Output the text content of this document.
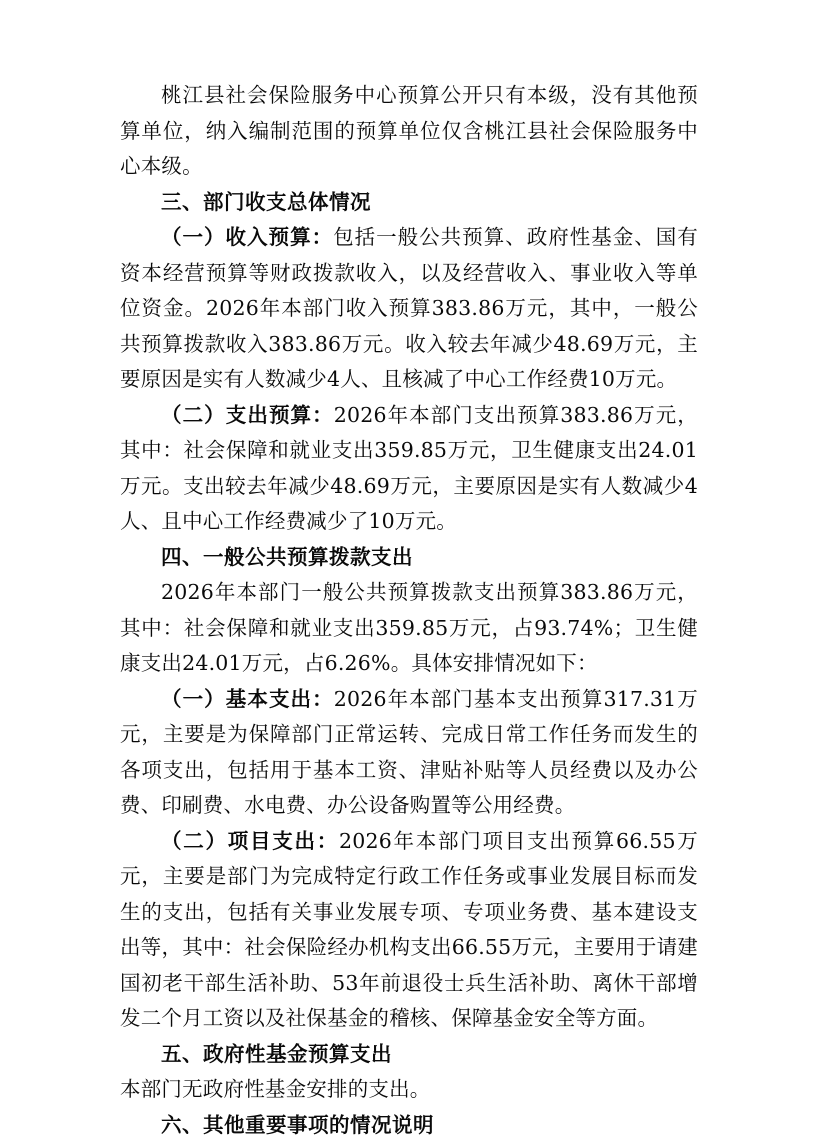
桃江县社会保险服务中心预算公开只有本级，没有其他预算单位，纳入编制范围的预算单位仅含桃江县社会保险服务中心本级。

三、部门收支总体情况

（一）收入预算：包括一般公共预算、政府性基金、国有资本经营预算等财政拨款收入，以及经营收入、事业收入等单位资金。2026年本部门收入预算383.86万元，其中，一般公共预算拨款收入383.86万元。收入较去年减少48.69万元，主要原因是实有人数减少4人、且核减了中心工作经费10万元。

（二）支出预算：2026年本部门支出预算383.86万元，其中：社会保障和就业支出359.85万元，卫生健康支出24.01万元。支出较去年减少48.69万元，主要原因是实有人数减少4人、且中心工作经费减少了10万元。

四、一般公共预算拨款支出

2026年本部门一般公共预算拨款支出预算383.86万元，其中：社会保障和就业支出359.85万元，占93.74%；卫生健康支出24.01万元，占6.26%。具体安排情况如下：

（一）基本支出：2026年本部门基本支出预算317.31万元，主要是为保障部门正常运转、完成日常工作任务而发生的各项支出，包括用于基本工资、津贴补贴等人员经费以及办公费、印刷费、水电费、办公设备购置等公用经费。

（二）项目支出：2026年本部门项目支出预算66.55万元，主要是部门为完成特定行政工作任务或事业发展目标而发生的支出，包括有关事业发展专项、专项业务费、基本建设支出等，其中：社会保险经办机构支出66.55万元，主要用于请建国初老干部生活补助、53年前退役士兵生活补助、离休干部增发二个月工资以及社保基金的稽核、保障基金安全等方面。

五、政府性基金预算支出

本部门无政府性基金安排的支出。

六、其他重要事项的情况说明
